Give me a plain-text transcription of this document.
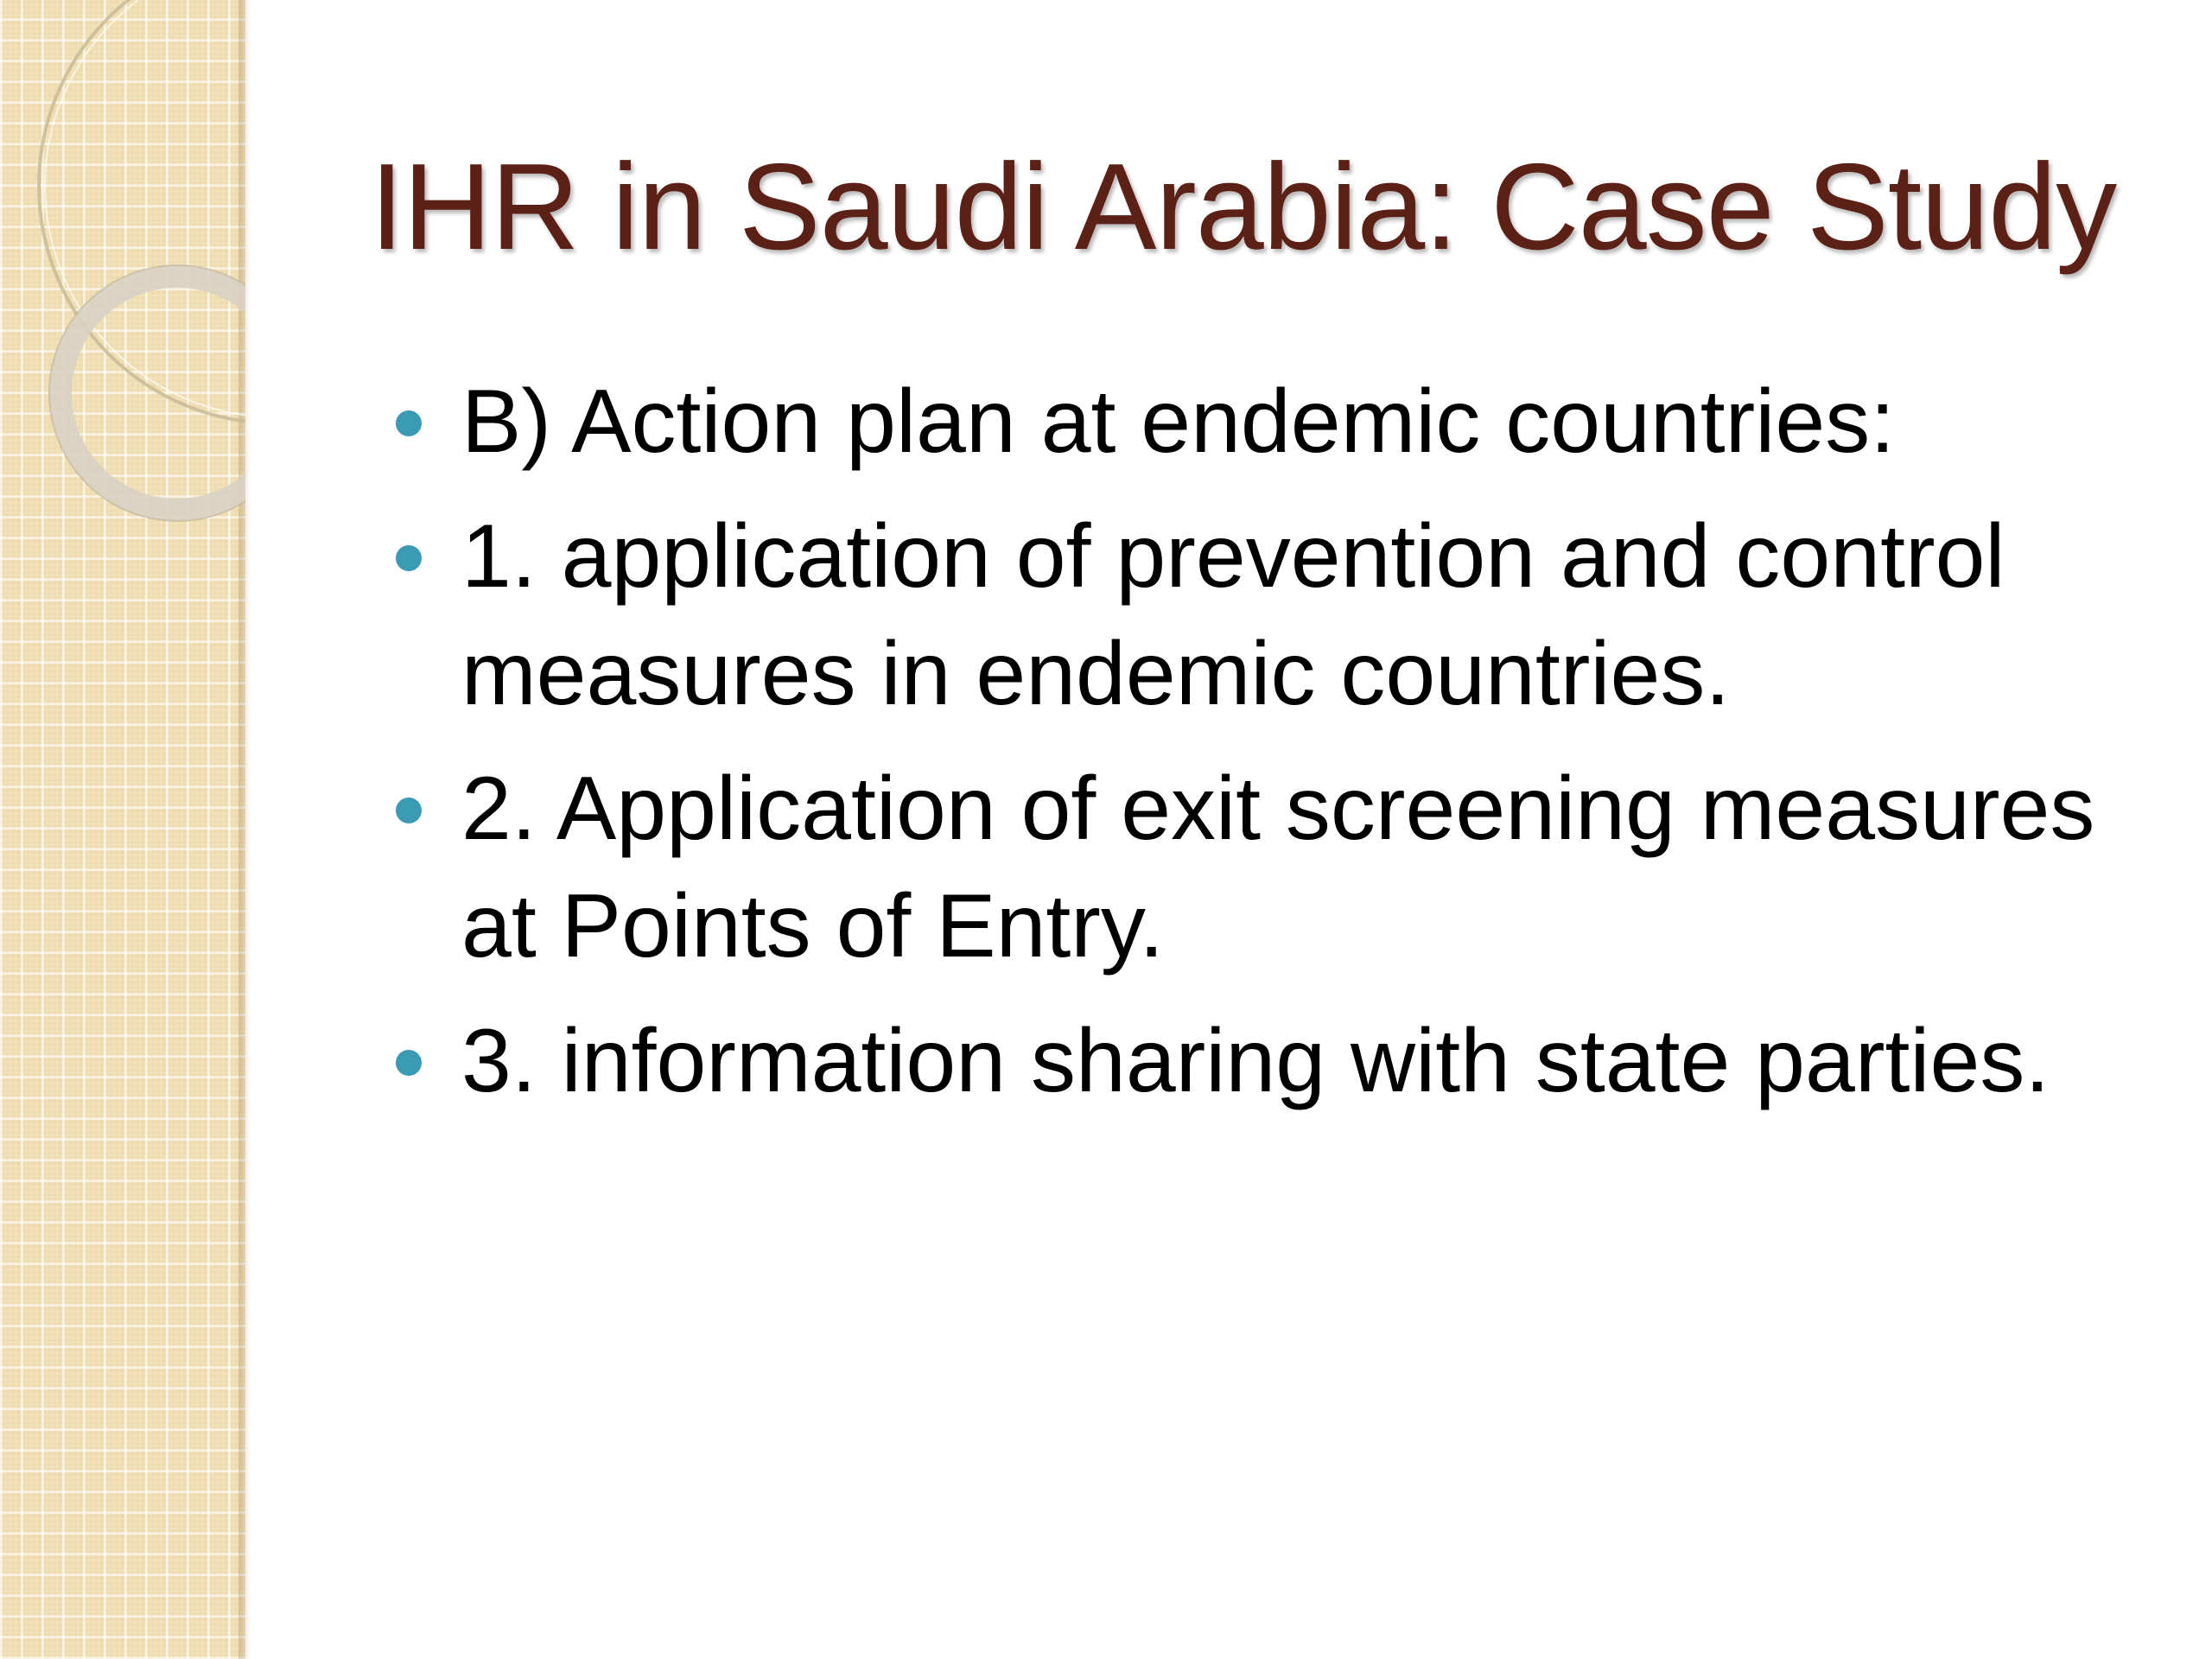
IHR in Saudi Arabia: Case Study
B) Action plan at endemic countries:
1. application of prevention and control measures in endemic countries.
2. Application of exit screening measures at Points of Entry.
3. information sharing with state parties.
